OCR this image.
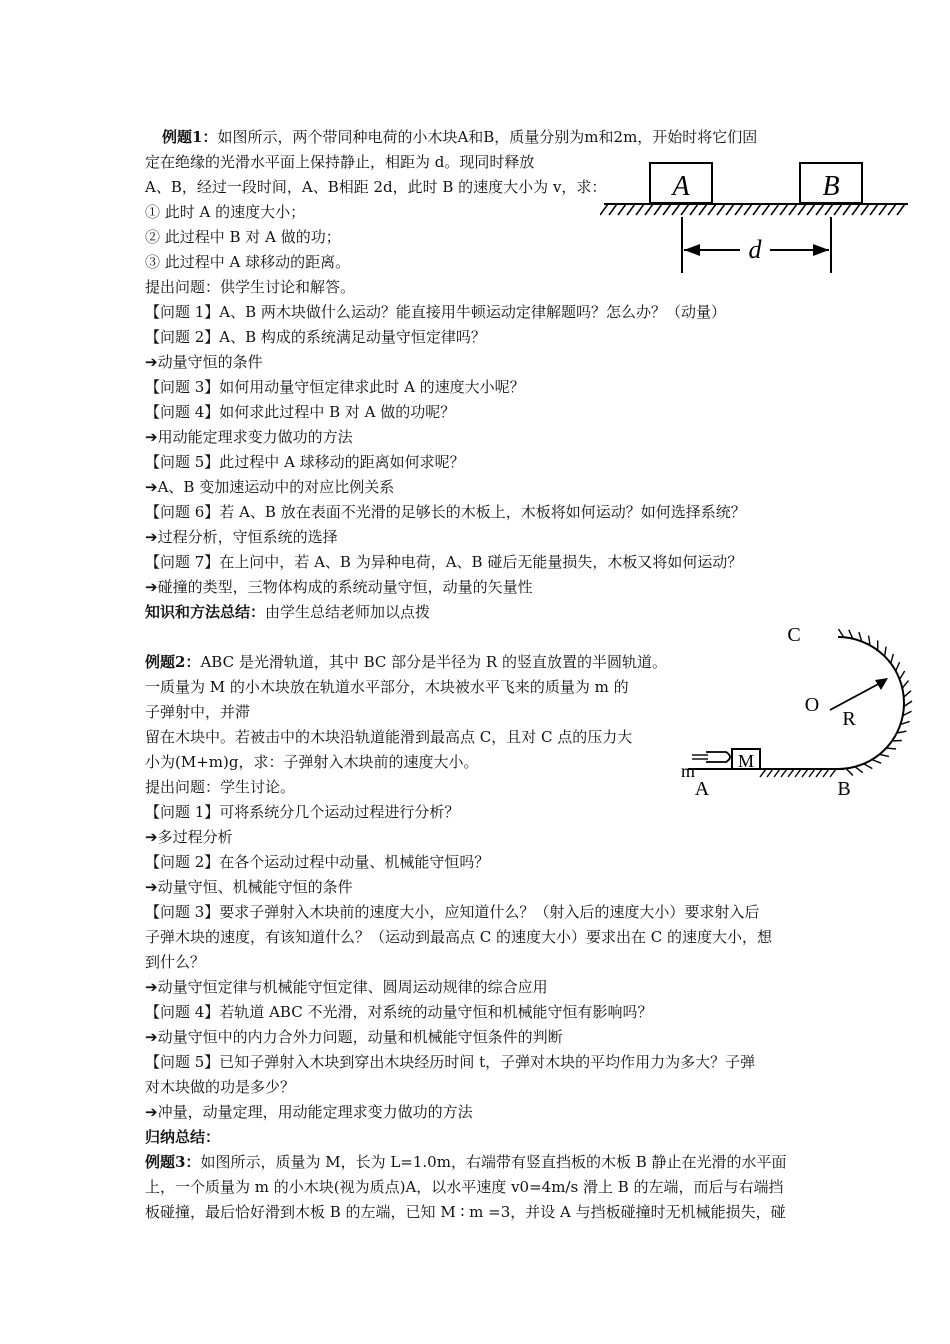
例题1：如图所示，两个带同种电荷的小木块A和B，质量分别为m和2m，开始时将它们固
定在绝缘的光滑水平面上保持静止，相距为 d。现同时释放
A、B，经过一段时间，A、B相距 2d，此时 B 的速度大小为 v，求：
① 此时 A 的速度大小；
② 此过程中 B 对 A 做的功；
③ 此过程中 A 球移动的距离。
提出问题：供学生讨论和解答。
【问题 1】A、B 两木块做什么运动？能直接用牛顿运动定律解题吗？怎么办？（动量）
【问题 2】A、B 构成的系统满足动量守恒定律吗？
➔动量守恒的条件
【问题 3】如何用动量守恒定律求此时 A 的速度大小呢？
【问题 4】如何求此过程中 B 对 A 做的功呢？
➔用动能定理求变力做功的方法
【问题 5】此过程中 A 球移动的距离如何求呢？
➔A、B 变加速运动中的对应比例关系
【问题 6】若 A、B 放在表面不光滑的足够长的木板上，木板将如何运动？如何选择系统？
➔过程分析，守恒系统的选择
【问题 7】在上问中，若 A、B 为异种电荷，A、B 碰后无能量损失，木板又将如何运动？
➔碰撞的类型，三物体构成的系统动量守恒，动量的矢量性
知识和方法总结：由学生总结老师加以点拨
例题2：ABC 是光滑轨道，其中 BC 部分是半径为 R 的竖直放置的半圆轨道。
一质量为 M 的小木块放在轨道水平部分，木块被水平飞来的质量为 m 的
子弹射中，并滞
留在木块中。若被击中的木块沿轨道能滑到最高点 C，且对 C 点的压力大
小为(M+m)g，求：子弹射入木块前的速度大小。
提出问题：学生讨论。
【问题 1】可将系统分几个运动过程进行分析？
➔多过程分析
【问题 2】在各个运动过程中动量、机械能守恒吗？
➔动量守恒、机械能守恒的条件
【问题 3】要求子弹射入木块前的速度大小，应知道什么？（射入后的速度大小）要求射入后
子弹木块的速度，有该知道什么？（运动到最高点 C 的速度大小）要求出在 C 的速度大小，想
到什么？
➔动量守恒定律与机械能守恒定律、圆周运动规律的综合应用
【问题 4】若轨道 ABC 不光滑，对系统的动量守恒和机械能守恒有影响吗？
➔动量守恒中的内力合外力问题，动量和机械能守恒条件的判断
【问题 5】已知子弹射入木块到穿出木块经历时间 t，子弹对木块的平均作用力为多大？子弹
对木块做的功是多少？
➔冲量，动量定理，用动能定理求变力做功的方法
归纳总结：
例题3：如图所示，质量为 M，长为 L=1.0m，右端带有竖直挡板的木板 B 静止在光滑的水平面
上，一个质量为 m 的小木块(视为质点)A，以水平速度 v0=4m/s 滑上 B 的左端，而后与右端挡
板碰撞，最后恰好滑到木板 B 的左端，已知 M ∶ m =3，并设 A 与挡板碰撞时无机械能损失，碰
A	B
d
C
O
R
M
m
A	B
